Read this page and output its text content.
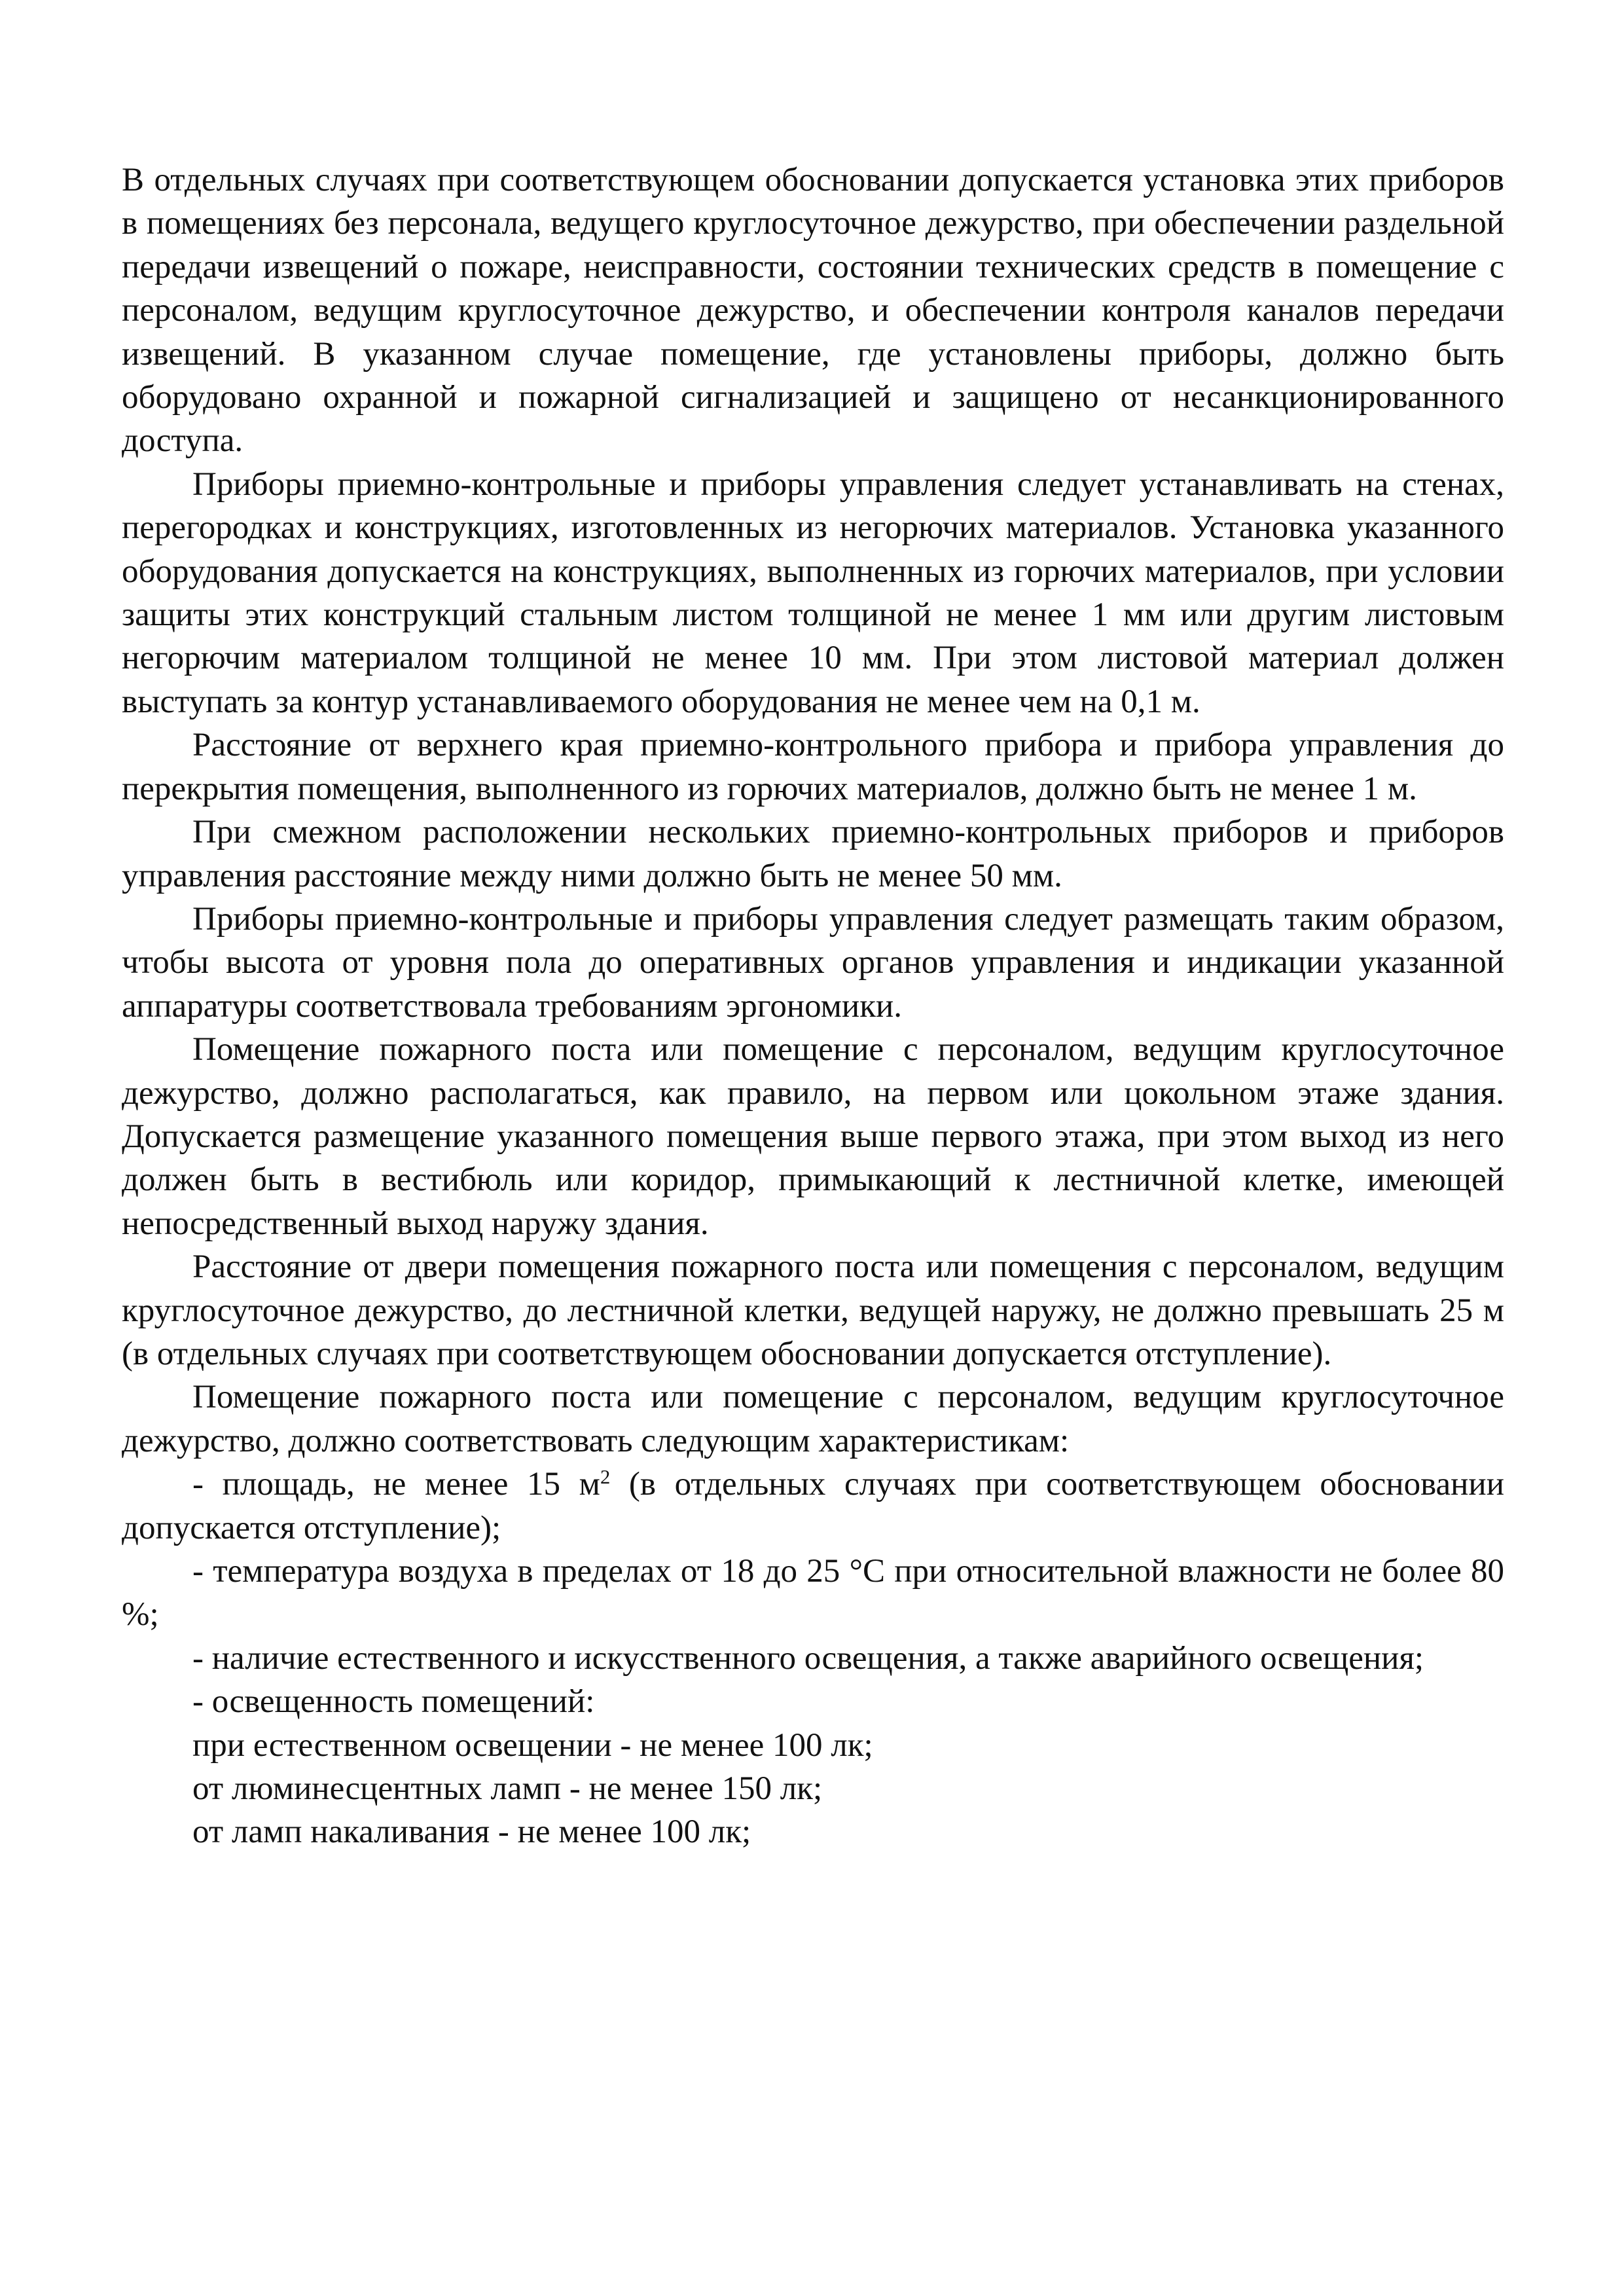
В отдельных случаях при соответствующем обосновании допускается установка этих приборов в помещениях без персонала, ведущего круглосуточное дежурство, при обеспечении раздельной передачи извещений о пожаре, неисправности, состоянии технических средств в помещение с персоналом, ведущим круглосуточное дежурство, и обеспечении контроля каналов передачи извещений. В указанном случае помещение, где установлены приборы, должно быть оборудовано охранной и пожарной сигнализацией и защищено от несанкционированного доступа.

Приборы приемно-контрольные и приборы управления следует устанавливать на стенах, перегородках и конструкциях, изготовленных из негорючих материалов. Установка указанного оборудования допускается на конструкциях, выполненных из горючих материалов, при условии защиты этих конструкций стальным листом толщиной не менее 1 мм или другим листовым негорючим материалом толщиной не менее 10 мм. При этом листовой материал должен выступать за контур устанавливаемого оборудования не менее чем на 0,1 м.

Расстояние от верхнего края приемно-контрольного прибора и прибора управления до перекрытия помещения, выполненного из горючих материалов, должно быть не менее 1 м.

При смежном расположении нескольких приемно-контрольных приборов и приборов управления расстояние между ними должно быть не менее 50 мм.

Приборы приемно-контрольные и приборы управления следует размещать таким образом, чтобы высота от уровня пола до оперативных органов управления и индикации указанной аппаратуры соответствовала требованиям эргономики.

Помещение пожарного поста или помещение с персоналом, ведущим круглосуточное дежурство, должно располагаться, как правило, на первом или цокольном этаже здания. Допускается размещение указанного помещения выше первого этажа, при этом выход из него должен быть в вестибюль или коридор, примыкающий к лестничной клетке, имеющей непосредственный выход наружу здания.

Расстояние от двери помещения пожарного поста или помещения с персоналом, ведущим круглосуточное дежурство, до лестничной клетки, ведущей наружу, не должно превышать 25 м (в отдельных случаях при соответствующем обосновании допускается отступление).

Помещение пожарного поста или помещение с персоналом, ведущим круглосуточное дежурство, должно соответствовать следующим характеристикам:

- площадь, не менее 15 $м^2$ (в отдельных случаях при соответствующем обосновании допускается отступление);

- температура воздуха в пределах от 18 до 25 °С при относительной влажности не более 80 %;

- наличие естественного и искусственного освещения, а также аварийного освещения;

- освещенность помещений:

при естественном освещении - не менее 100 лк;

от люминесцентных ламп - не менее 150 лк;

от ламп накаливания - не менее 100 лк;
